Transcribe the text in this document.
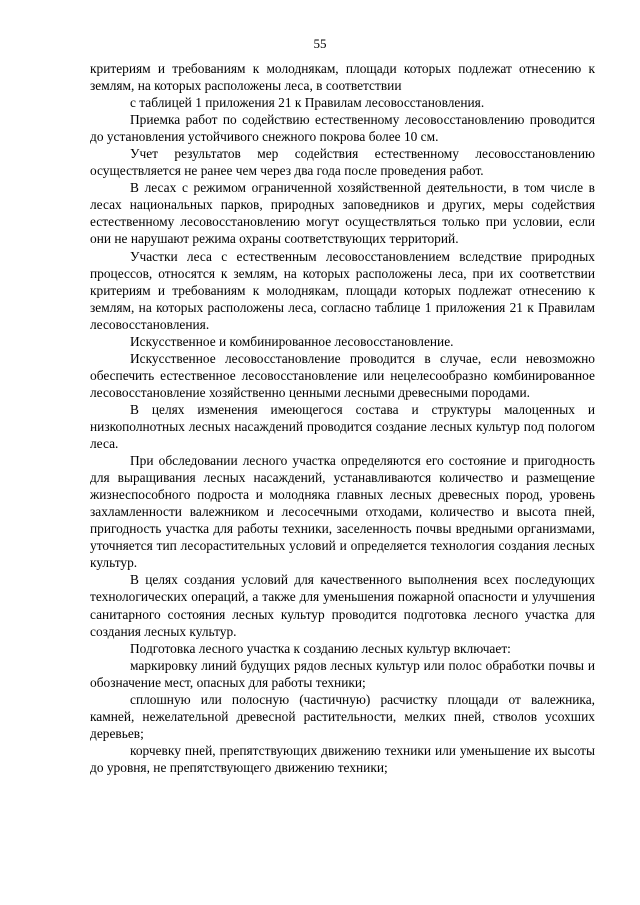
55

критериям и требованиям к молоднякам, площади которых подлежат отнесению к землям, на которых расположены леса, в соответствии

с таблицей 1 приложения 21 к Правилам лесовосстановления.

Приемка работ по содействию естественному лесовосстановлению проводится до установления устойчивого снежного покрова более 10 см.

Учет результатов мер содействия естественному лесовосстановлению осуществляется не ранее чем через два года после проведения работ.

В лесах с режимом ограниченной хозяйственной деятельности, в том числе в лесах национальных парков, природных заповедников и других, меры содействия естественному лесовосстановлению могут осуществляться только при условии, если они не нарушают режима охраны соответствующих территорий.

Участки леса с естественным лесовосстановлением вследствие природных процессов, относятся к землям, на которых расположены леса, при их соответствии критериям и требованиям к молоднякам, площади которых подлежат отнесению к землям, на которых расположены леса, согласно таблице 1 приложения 21 к Правилам лесовосстановления.

Искусственное и комбинированное лесовосстановление.

Искусственное лесовосстановление проводится в случае, если невозможно обеспечить естественное лесовосстановление или нецелесообразно комбинированное лесовосстановление хозяйственно ценными лесными древесными породами.

В целях изменения имеющегося состава и структуры малоценных и низкополнотных лесных насаждений проводится создание лесных культур под пологом леса.

При обследовании лесного участка определяются его состояние и пригодность для выращивания лесных насаждений, устанавливаются количество и размещение жизнеспособного подроста и молодняка главных лесных древесных пород, уровень захламленности валежником и лесосечными отходами, количество и высота пней, пригодность участка для работы техники, заселенность почвы вредными организмами, уточняется тип лесорастительных условий и определяется технология создания лесных культур.

В целях создания условий для качественного выполнения всех последующих технологических операций, а также для уменьшения пожарной опасности и улучшения санитарного состояния лесных культур проводится подготовка лесного участка для создания лесных культур.

Подготовка лесного участка к созданию лесных культур включает:

маркировку линий будущих рядов лесных культур или полос обработки почвы и обозначение мест, опасных для работы техники;

сплошную или полосную (частичную) расчистку площади от валежника, камней, нежелательной древесной растительности, мелких пней, стволов усохших деревьев;

корчевку пней, препятствующих движению техники или уменьшение их высоты до уровня, не препятствующего движению техники;
